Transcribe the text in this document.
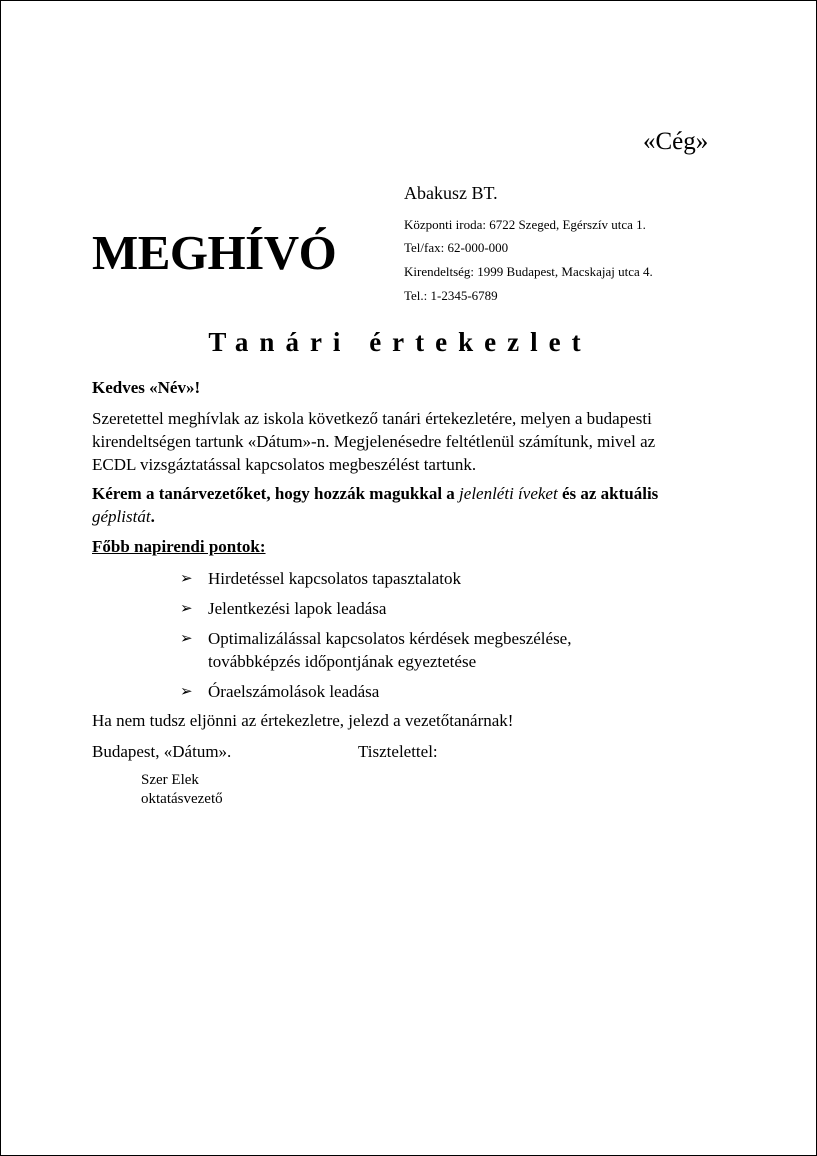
«Cég»
Abakusz BT.
Központi iroda: 6722 Szeged, Egérszív utca 1.
Tel/fax: 62-000-000
Kirendeltség: 1999 Budapest, Macskajaj utca 4.
Tel.: 1-2345-6789
MEGHÍVÓ
Tanári értekezlet
Kedves «Név»!
Szeretettel meghívlak az iskola következő tanári értekezletére, melyen a budapesti kirendeltségen tartunk «Dátum»-n. Megjelenésedre feltétlenül számítunk, mivel az ECDL vizsgáztatással kapcsolatos megbeszélést tartunk.
Kérem a tanárvezetőket, hogy hozzák magukkal a jelenléti íveket és az aktuális géplistát.
Főbb napirendi pontok:
➢ Hirdetéssel kapcsolatos tapasztalatok
➢ Jelentkezési lapok leadása
➢ Optimalizálással kapcsolatos kérdések megbeszélése, továbbképzés időpontjának egyeztetése
➢ Óraelszámolások leadása
Ha nem tudsz eljönni az értekezletre, jelezd a vezetőtanárnak!
Budapest, «Dátum».	Tisztelettel:
Szer Elek
oktatásvezető
